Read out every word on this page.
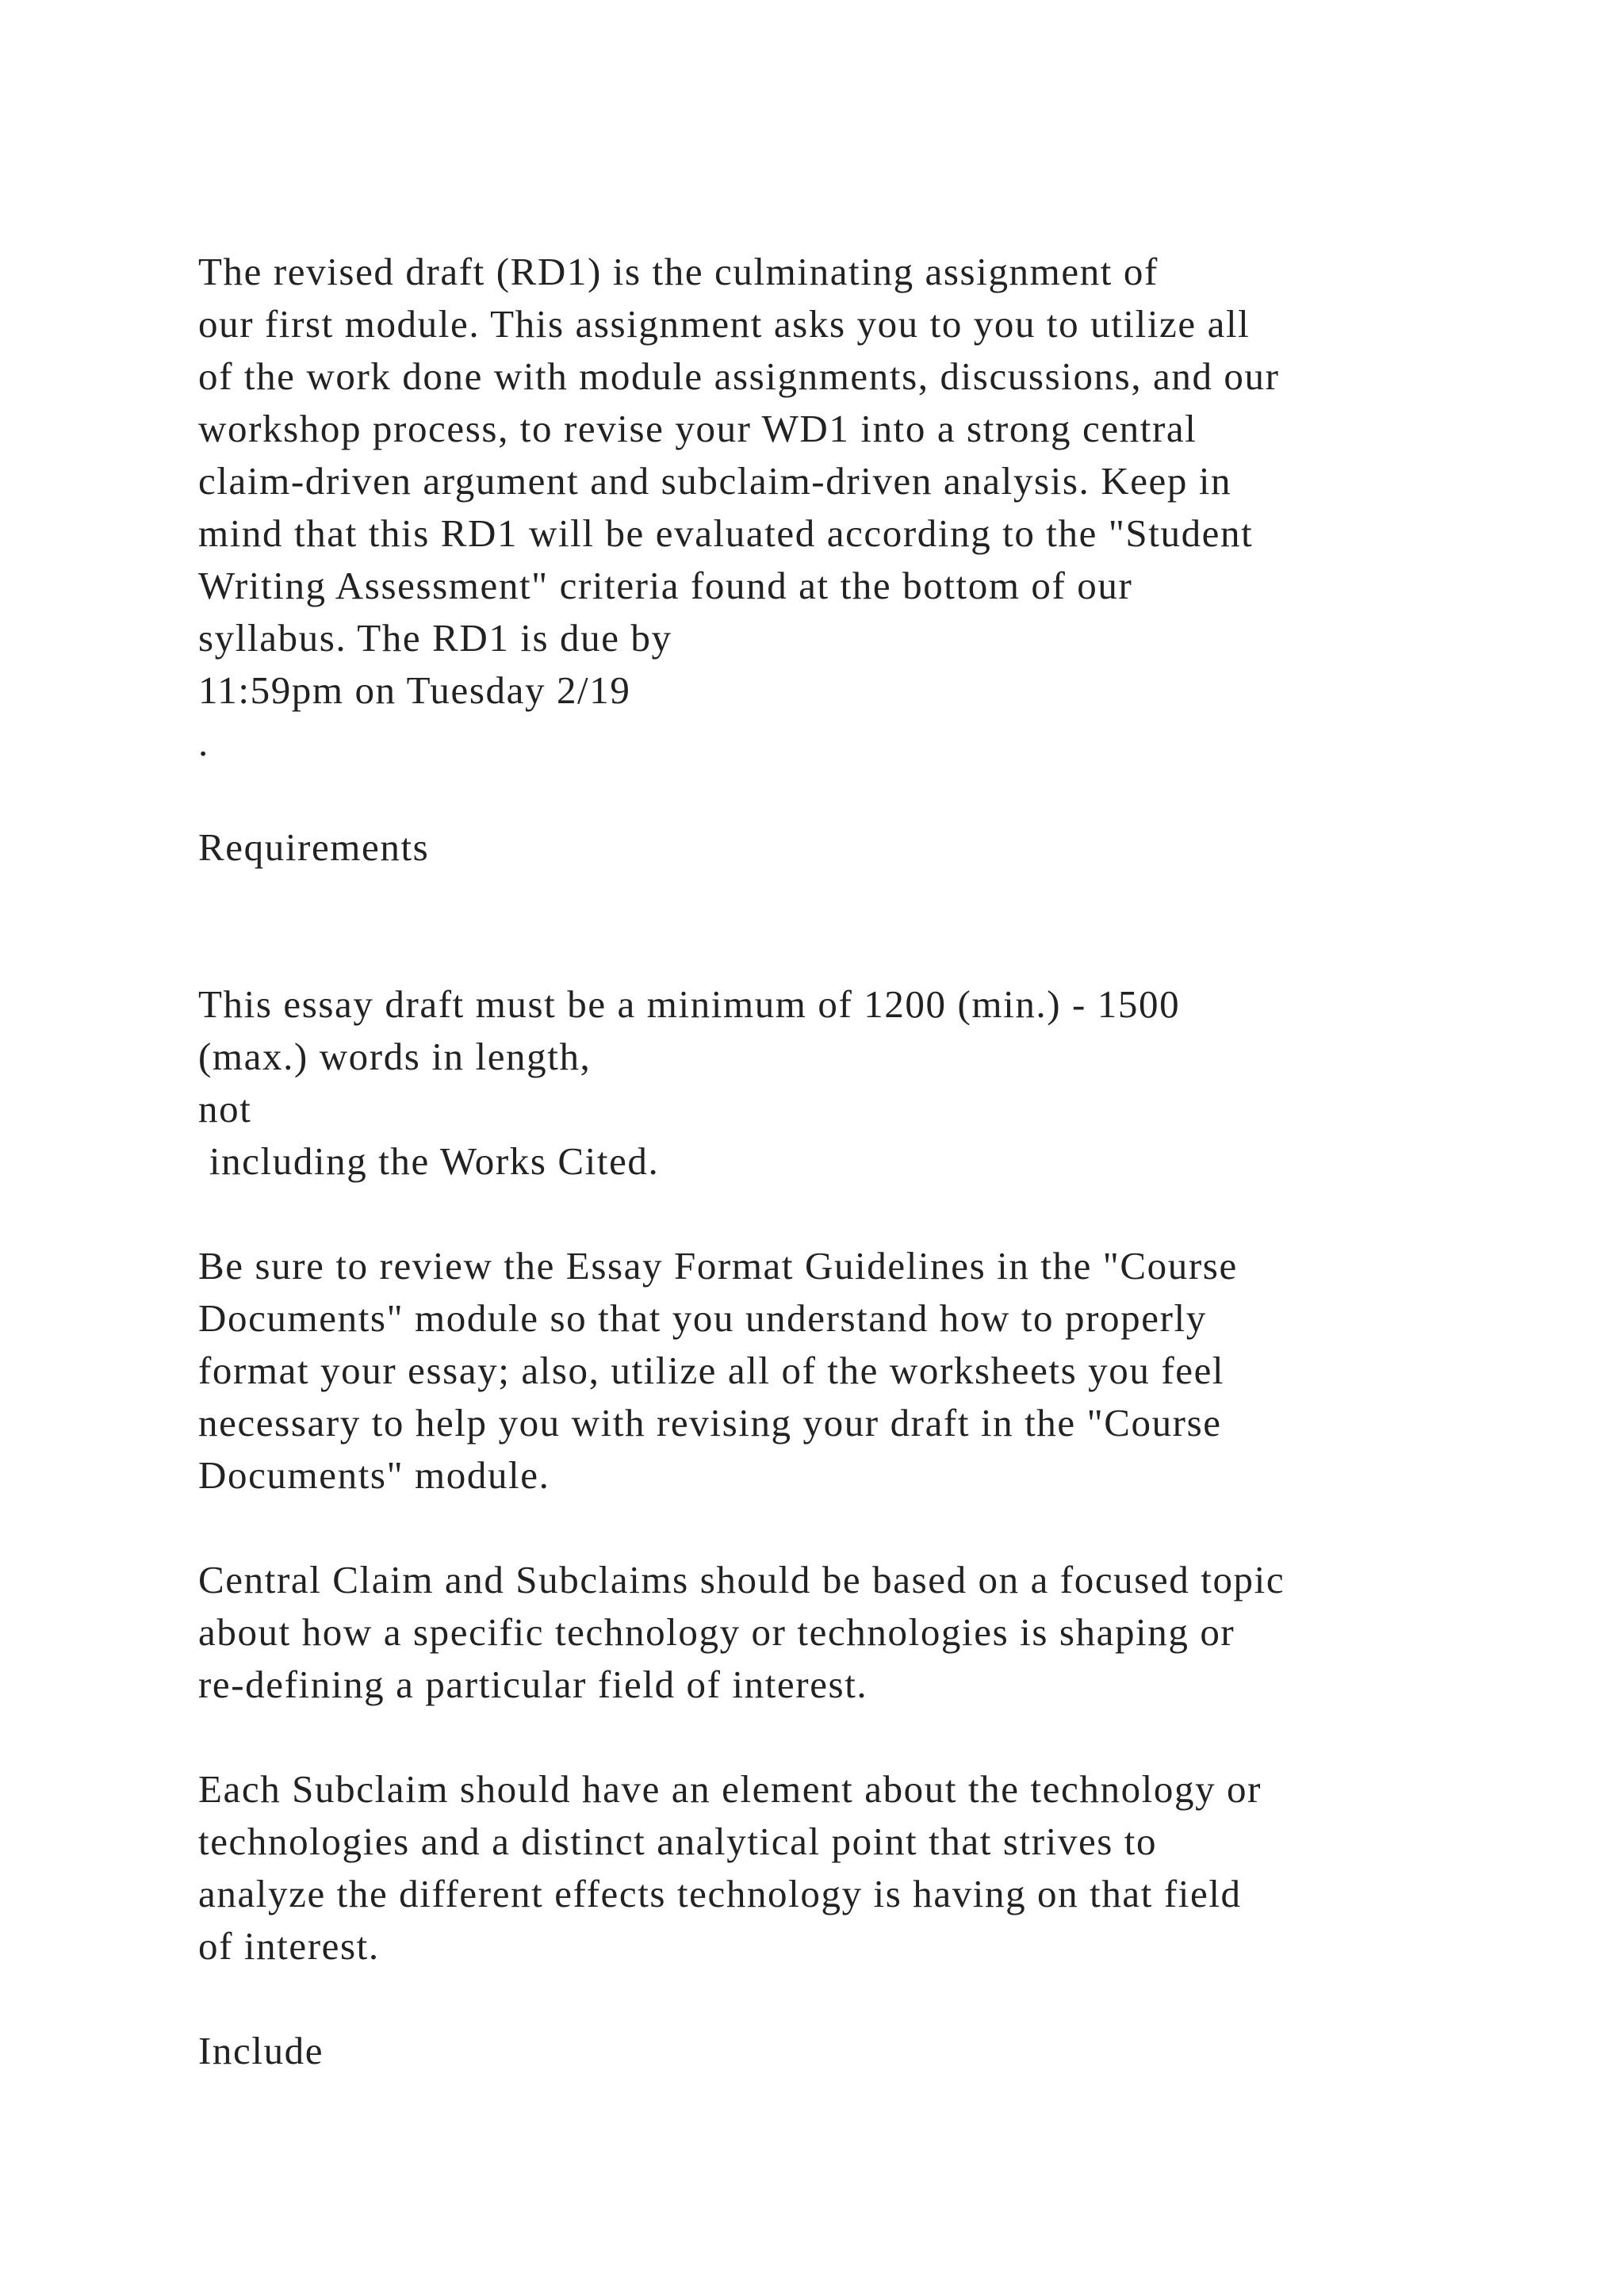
The revised draft (RD1) is the culminating assignment of
our first module. This assignment asks you to you to utilize all
of the work done with module assignments, discussions, and our
workshop process, to revise your WD1 into a strong central
claim-driven argument and subclaim-driven analysis. Keep in
mind that this RD1 will be evaluated according to the "Student
Writing Assessment" criteria found at the bottom of our
syllabus. The RD1 is due by
11:59pm on Tuesday 2/19
.
Requirements
This essay draft must be a minimum of 1200 (min.) - 1500
(max.) words in length,
not
including the Works Cited.
Be sure to review the Essay Format Guidelines in the "Course
Documents" module so that you understand how to properly
format your essay; also, utilize all of the worksheets you feel
necessary to help you with revising your draft in the "Course
Documents" module.
Central Claim and Subclaims should be based on a focused topic
about how a specific technology or technologies is shaping or
re-defining a particular field of interest.
Each Subclaim should have an element about the technology or
technologies and a distinct analytical point that strives to
analyze the different effects technology is having on that field
of interest.
Include
